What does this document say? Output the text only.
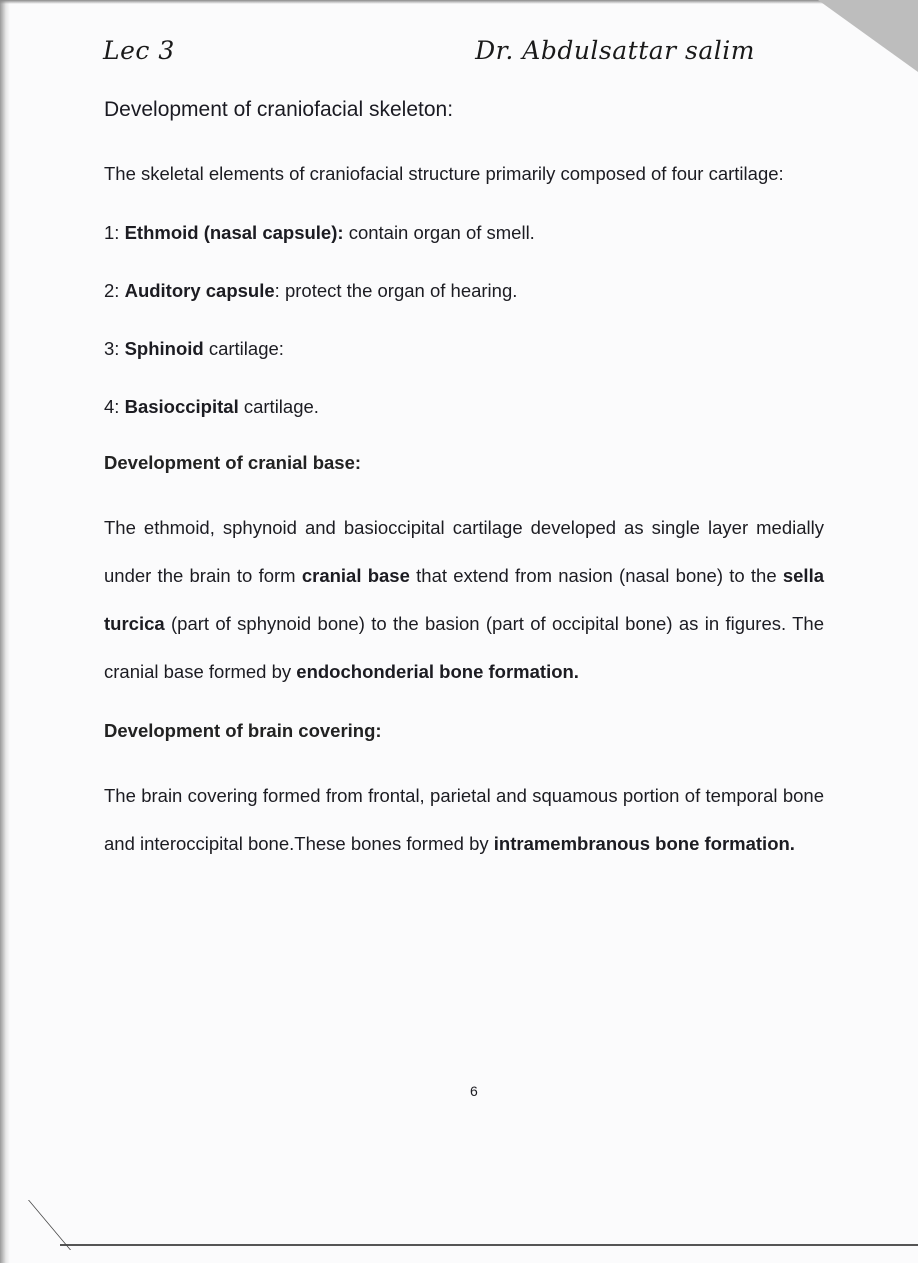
Lec 3	Dr. Abdulsattar salim
Development of craniofacial skeleton:

The skeletal elements of craniofacial structure primarily composed of four cartilage:

1: Ethmoid (nasal capsule): contain organ of smell.

2: Auditory capsule: protect the organ of hearing.

3: Sphinoid cartilage:

4: Basioccipital cartilage.

Development of cranial base:

The ethmoid, sphynoid and basioccipital cartilage developed as single layer medially under the brain to form cranial base that extend from nasion (nasal bone) to the sella turcica (part of sphynoid bone) to the basion (part of occipital bone) as in figures. The cranial base formed by endochonderial bone formation.

Development of brain covering:

The brain covering formed from frontal, parietal and squamous portion of temporal bone and interoccipital bone.These bones formed by intramembranous bone formation.

6
